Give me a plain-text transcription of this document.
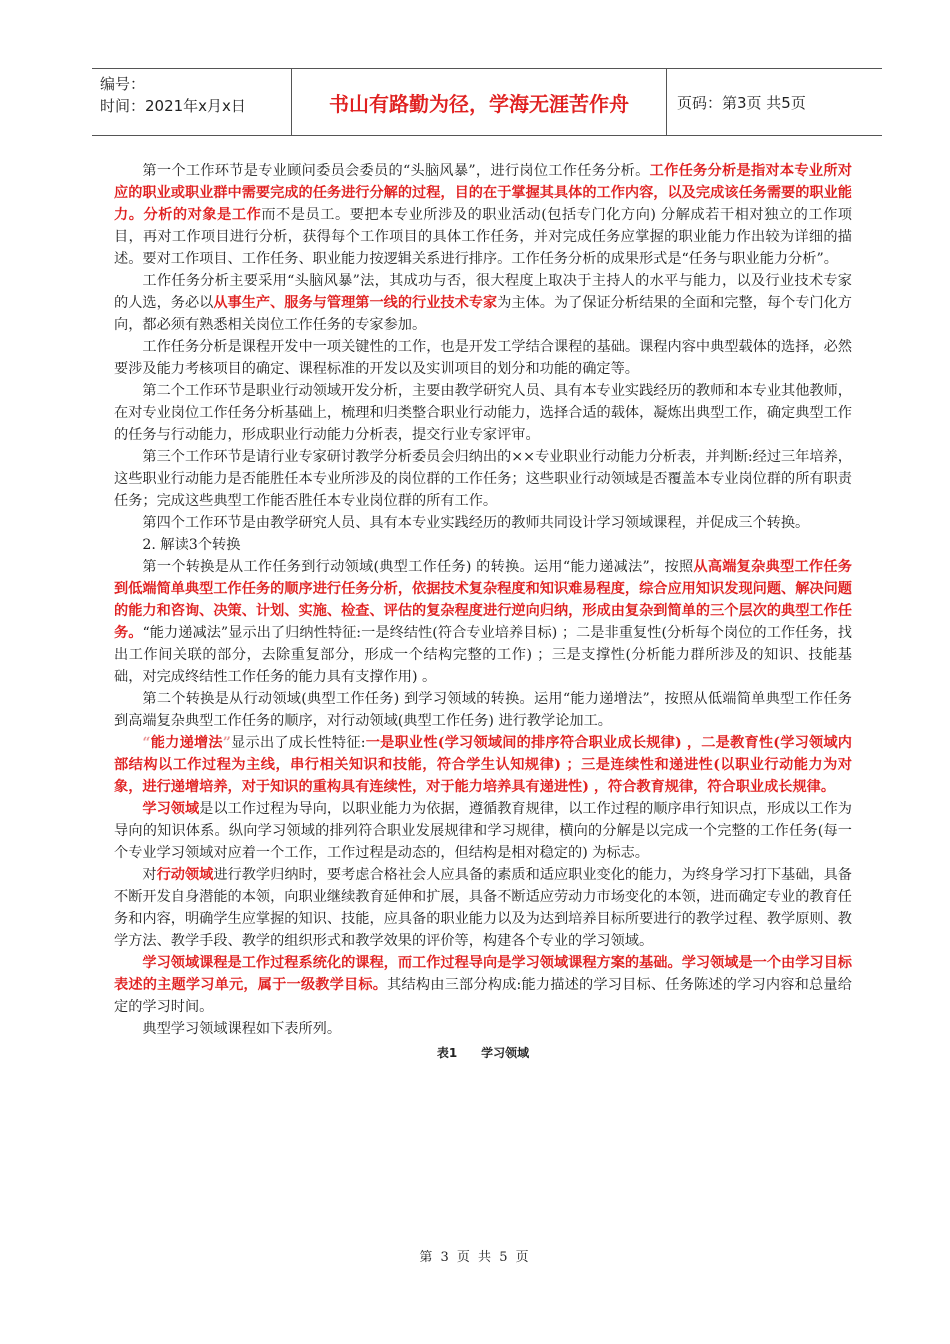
编号：
时间：2021年x月x日	书山有路勤为径，学海无涯苦作舟	页码：第3页 共5页

第一个工作环节是专业顾问委员会委员的“头脑风暴”，进行岗位工作任务分析。工作任务分析是指对本专业所对应的职业或职业群中需要完成的任务进行分解的过程，目的在于掌握其具体的工作内容，以及完成该任务需要的职业能力。分析的对象是工作而不是员工。要把本专业所涉及的职业活动(包括专门化方向) 分解成若干相对独立的工作项目，再对工作项目进行分析，获得每个工作项目的具体工作任务，并对完成任务应掌握的职业能力作出较为详细的描述。要对工作项目、工作任务、职业能力按逻辑关系进行排序。工作任务分析的成果形式是“任务与职业能力分析”。

工作任务分析主要采用“头脑风暴”法，其成功与否，很大程度上取决于主持人的水平与能力，以及行业技术专家的人选，务必以从事生产、服务与管理第一线的行业技术专家为主体。为了保证分析结果的全面和完整，每个专门化方向，都必须有熟悉相关岗位工作任务的专家参加。

工作任务分析是课程开发中一项关键性的工作，也是开发工学结合课程的基础。课程内容中典型载体的选择，必然要涉及能力考核项目的确定、课程标准的开发以及实训项目的划分和功能的确定等。

第二个工作环节是职业行动领域开发分析，主要由教学研究人员、具有本专业实践经历的教师和本专业其他教师，在对专业岗位工作任务分析基础上，梳理和归类整合职业行动能力，选择合适的载体，凝炼出典型工作，确定典型工作的任务与行动能力，形成职业行动能力分析表，提交行业专家评审。

第三个工作环节是请行业专家研讨教学分析委员会归纳出的××专业职业行动能力分析表，并判断:经过三年培养，这些职业行动能力是否能胜任本专业所涉及的岗位群的工作任务；这些职业行动领域是否覆盖本专业岗位群的所有职责任务；完成这些典型工作能否胜任本专业岗位群的所有工作。

第四个工作环节是由教学研究人员、具有本专业实践经历的教师共同设计学习领域课程，并促成三个转换。

2. 解读3个转换

第一个转换是从工作任务到行动领域(典型工作任务) 的转换。运用“能力递减法”，按照从高端复杂典型工作任务到低端简单典型工作任务的顺序进行任务分析，依据技术复杂程度和知识难易程度，综合应用知识发现问题、解决问题的能力和咨询、决策、计划、实施、检查、评估的复杂程度进行逆向归纳，形成由复杂到简单的三个层次的典型工作任务。“能力递减法”显示出了归纳性特征:一是终结性(符合专业培养目标) ；二是非重复性(分析每个岗位的工作任务，找出工作间关联的部分，去除重复部分，形成一个结构完整的工作) ；三是支撑性(分析能力群所涉及的知识、技能基础，对完成终结性工作任务的能力具有支撑作用) 。

第二个转换是从行动领域(典型工作任务) 到学习领域的转换。运用“能力递增法”，按照从低端简单典型工作任务到高端复杂典型工作任务的顺序，对行动领域(典型工作任务) 进行教学论加工。

“能力递增法”显示出了成长性特征:一是职业性(学习领域间的排序符合职业成长规律) ，二是教育性(学习领域内部结构以工作过程为主线，串行相关知识和技能，符合学生认知规律) ；三是连续性和递进性(以职业行动能力为对象，进行递增培养，对于知识的重构具有连续性，对于能力培养具有递进性) ，符合教育规律，符合职业成长规律。

学习领域是以工作过程为导向，以职业能力为依据，遵循教育规律，以工作过程的顺序串行知识点，形成以工作为导向的知识体系。纵向学习领域的排列符合职业发展规律和学习规律，横向的分解是以完成一个完整的工作任务(每一个专业学习领域对应着一个工作，工作过程是动态的，但结构是相对稳定的) 为标志。

对行动领域进行教学归纳时，要考虑合格社会人应具备的素质和适应职业变化的能力，为终身学习打下基础，具备不断开发自身潜能的本领，向职业继续教育延伸和扩展，具备不断适应劳动力市场变化的本领，进而确定专业的教育任务和内容，明确学生应掌握的知识、技能，应具备的职业能力以及为达到培养目标所要进行的教学过程、教学原则、教学方法、教学手段、教学的组织形式和教学效果的评价等，构建各个专业的学习领域。

学习领域课程是工作过程系统化的课程，而工作过程导向是学习领域课程方案的基础。学习领域是一个由学习目标表述的主题学习单元，属于一级教学目标。其结构由三部分构成:能力描述的学习目标、任务陈述的学习内容和总量给定的学习时间。

典型学习领域课程如下表所列。

表1　　学习领域
第 3 页 共 5 页
